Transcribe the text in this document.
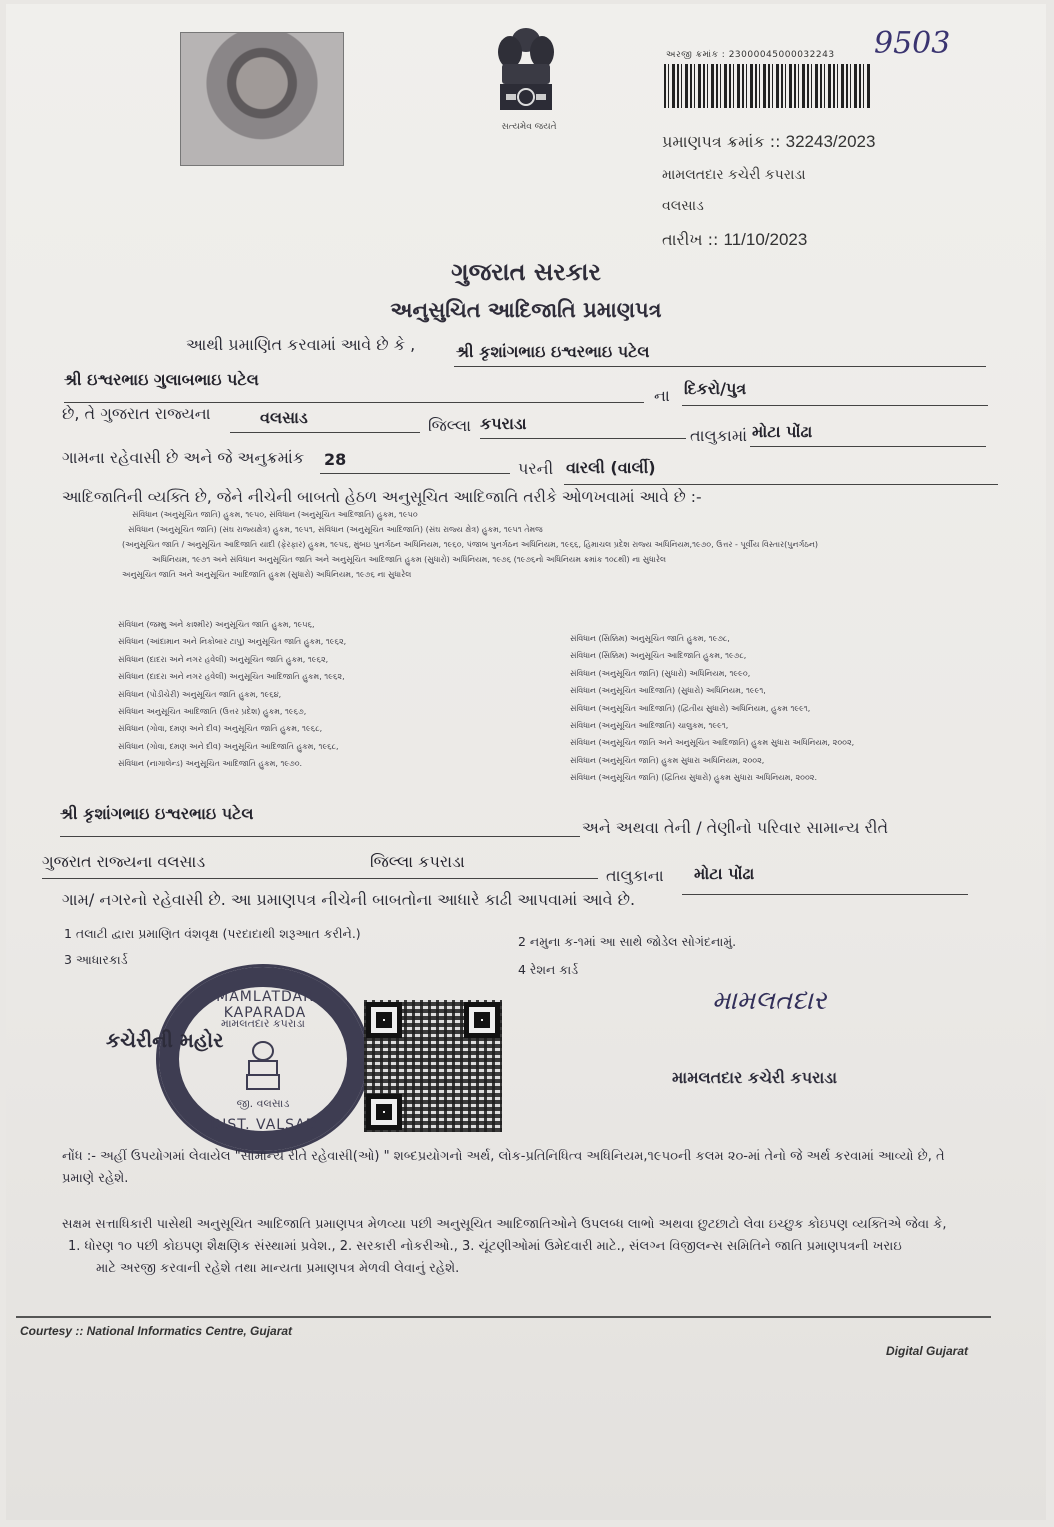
સત્યમેવ જયતે
અરજી ક્રમાંક : 23000045000032243 9503
પ્રમાણપત્ર ક્રમાંક :: 32243/2023
મામલતદાર કચેરી કપરાડા
વલસાડ
તારીખ :: 11/10/2023
ગુજરાત સરકાર
અનુસુચિત આદિજાતિ પ્રમાણપત્ર
આથી પ્રમાણિત કરવામાં આવે છે કે ,	શ્રી કૃશાંગભાઇ ઇશ્વરભાઇ પટેલ
શ્રી ઇશ્વરભાઇ ગુલાબભાઇ પટેલ
ના દિકરો/પુત્ર
છે, તે ગુજરાત રાજ્યના	વલસાડ	જિલ્લા કપરાડા
તાલુકામાં મોટા પોંઢા
ગામના રહેવાસી છે અને જે અનુક્રમાંક 28	પરની વારલી (વાર્લી)
આદિજાતિની વ્યક્તિ છે, જેને નીચેની બાબતો હેઠળ અનુસૂચિત આદિજાતિ તરીકે ઓળખવામાં આવે છે :-
સંવિધાન (અનુસૂચિત જાતિ) હુકમ, ૧૯૫૦, સંવિધાન (અનુસૂચિત આદિજાતિ) હુકમ, ૧૯૫૦
સંવિધાન (અનુસૂચિત જાતિ) (સંઘ રાજ્યક્ષેત્ર) હુકમ, ૧૯૫૧, સંવિધાન (અનુસૂચિત આદિજાતિ) (સંઘ રાજ્ય ક્ષેત્ર) હુકમ, ૧૯૫૧ તેમજ
(અનુસૂચિત જાતિ / અનુસૂચિત આદિજાતિ યાદી (ફેરફાર) હુકમ, ૧૯૫૬, મુંબઇ પુનર્ગઠન અધિનિયમ, ૧૯૬૦, પંજાબ પુનર્ગઠન અધિનિયમ, ૧૯૬૬, હિમાચલ પ્રદેશ રાજ્ય અધિનિયમ,૧૯૭૦, ઉત્તર - પૂર્વીય વિસ્તાર(પુનર્ગઠન)
અધિનિયમ, ૧૯૭૧ અને સંવિધાન અનુસૂચિત જાતિ અને અનુસૂચિત આદિજાતિ હુકમ (સુધારો) અધિનિયમ, ૧૯૭૬ (૧૯૭૬નો અધિનિયમ ક્રમાંક ૧૦૮થી) ના સુધારેલ
અનુસૂચિત જાતિ અને અનુસૂચિત આદિજાતિ હુકમ (સુધારો) અધિનિયમ, ૧૯૭૬ ના સુધારેલ
સંવિધાન (જમ્મુ અને કાશ્મીર) અનુસૂચિત જાતિ હુકમ, ૧૯૫૬,
સંવિધાન (આંદામાન અને નિકોબાર ટાપુ) અનુસૂચિત જાતિ હુકમ, ૧૯૬૨,
સંવિધાન (દાદરા અને નગર હવેલી) અનુસૂચિત જાતિ હુકમ, ૧૯૬૨,
સંવિધાન (દાદરા અને નગર હવેલી) અનુસૂચિત આદિજાતિ હુકમ, ૧૯૬૨,
સંવિધાન (પોંડીચેરી) અનુસૂચિત જાતિ હુકમ, ૧૯૬૪,
સંવિધાન અનુસૂચિત આદિજાતિ (ઉત્તર પ્રદેશ) હુકમ, ૧૯૬૭,
સંવિધાન (ગોવા, દમણ અને દીવ) અનુસૂચિત જાતિ હુકમ, ૧૯૬૮,
સંવિધાન (ગોવા, દમણ અને દીવ) અનુસૂચિત આદિજાતિ હુકમ, ૧૯૬૮,
સંવિધાન (નાગાલેન્ડ) અનુસૂચિત આદિજાતિ હુકમ, ૧૯૭૦.
સંવિધાન (સિક્કિમ) અનુસૂચિત જાતિ હુકમ, ૧૯૭૮,
સંવિધાન (સિક્કિમ) અનુસૂચિત આદિજાતિ હુકમ, ૧૯૭૮,
સંવિધાન (અનુસૂચિત જાતિ) (સુધારો) અધિનિયમ, ૧૯૯૦,
સંવિધાન (અનુસૂચિત આદિજાતિ) (સુધારો) અધિનિયમ, ૧૯૯૧,
સંવિધાન (અનુસૂચિત આદિજાતિ) (દ્વિતીય સુધારો) અધિનિયમ, હુકમ ૧૯૯૧,
સંવિધાન (અનુસૂચિત આદિજાતિ) ચાલુકમ, ૧૯૯૧,
સંવિધાન (અનુસૂચિત જાતિ અને અનુસૂચિત આદિજાતિ) હુકમ સુધારા અધિનિયમ, ૨૦૦૨,
સંવિધાન (અનુસૂચિત જાતિ) હુકમ સુધારા અધિનિયમ, ૨૦૦૨,
સંવિધાન (અનુસૂચિત જાતિ) (દ્વિતિય સુધારો) હુકમ સુધારા અધિનિયમ, ૨૦૦૨.
શ્રી કૃશાંગભાઇ ઇશ્વરભાઇ પટેલ
અને અથવા તેની / તેણીનો પરિવાર સામાન્ય રીતે
ગુજરાત રાજ્યના વલસાડ	જિલ્લા કપરાડા
તાલુકાના	મોટા પોંઢા
ગામ/ નગરનો રહેવાસી છે. આ પ્રમાણપત્ર નીચેની બાબતોના આધારે કાઢી આપવામાં આવે છે.
1 તલાટી દ્વારા પ્રમાણિત વંશવૃક્ષ (પરદાદાથી શરૂઆત કરીને.)
2 નમુના ક-૧માં આ સાથે જોડેલ સોગંદનામું.
3 આધારકાર્ડ
4 રેશન કાર્ડ
MAMLATDAR KAPARADA
મામલતદાર કપરાડા
જી. વલસાડ
DIST. VALSAD
કચેરીની મહોર
મામલતદાર
મામલતદાર કચેરી કપરાડા
નોંધ :- અહીં ઉપયોગમાં લેવાયેલ "સામાન્ય રીતે રહેવાસી(ઓ) " શબ્દપ્રયોગનો અર્થ, લોક-પ્રતિનિધિત્વ અધિનિયમ,૧૯૫૦ની કલમ ૨૦-માં તેનો જે અર્થ કરવામાં આવ્યો છે, તે
પ્રમાણે રહેશે.
સક્ષમ સત્તાધિકારી પાસેથી અનુસૂચિત આદિજાતિ પ્રમાણપત્ર મેળવ્યા પછી અનુસૂચિત આદિજાતિઓને ઉપલબ્ધ લાભો અથવા છુટછાટો લેવા ઇચ્છુક કોઇપણ વ્યક્તિએ જેવા કે,
1. ધોરણ ૧૦ પછી કોઇપણ શૈક્ષણિક સંસ્થામાં પ્રવેશ., 2. સરકારી નોકરીઓ., 3. ચૂંટણીઓમાં ઉમેદવારી માટે., સંલગ્ન વિજીલન્સ સમિતિને જાતિ પ્રમાણપત્રની ખરાઇ
માટે અરજી કરવાની રહેશે તથા માન્યતા પ્રમાણપત્ર મેળવી લેવાનું રહેશે.
Courtesy :: National Informatics Centre, Gujarat
Digital Gujarat
